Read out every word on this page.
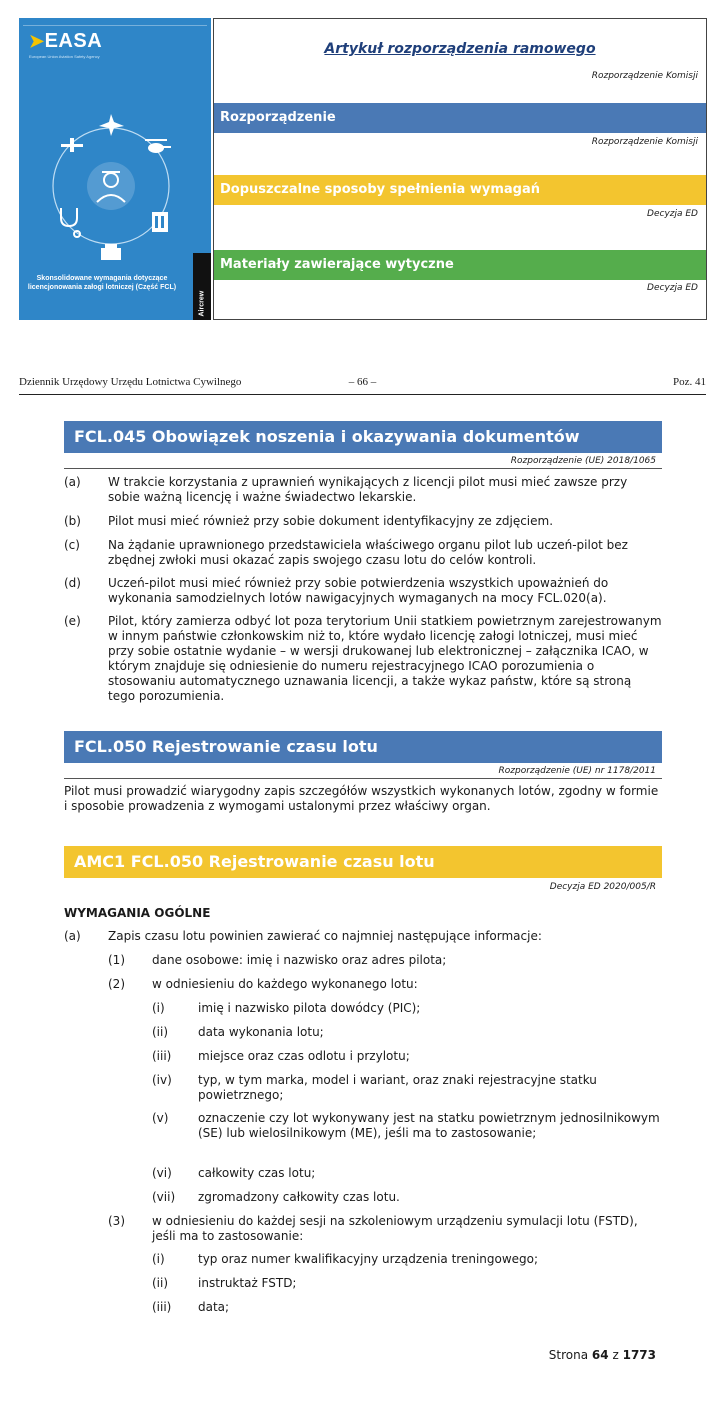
➤EASA
European Union Aviation Safety Agency
Skonsolidowane wymagania dotyczące licencjonowania załogi lotniczej (Część FCL)
Aircrew
Artykuł rozporządzenia ramowego
Rozporządzenie Komisji
Rozporządzenie
Rozporządzenie Komisji
Dopuszczalne sposoby spełnienia wymagań
Decyzja ED
Materiały zawierające wytyczne
Decyzja ED
Dziennik Urzędowy Urzędu Lotnictwa Cywilnego	– 66 –	Poz. 41
FCL.045 Obowiązek noszenia i okazywania dokumentów
Rozporządzenie (UE) 2018/1065
(a) W trakcie korzystania z uprawnień wynikających z licencji pilot musi mieć zawsze przy sobie ważną licencję i ważne świadectwo lekarskie.
(b) Pilot musi mieć również przy sobie dokument identyfikacyjny ze zdjęciem.
(c) Na żądanie uprawnionego przedstawiciela właściwego organu pilot lub uczeń-pilot bez zbędnej zwłoki musi okazać zapis swojego czasu lotu do celów kontroli.
(d) Uczeń-pilot musi mieć również przy sobie potwierdzenia wszystkich upoważnień do wykonania samodzielnych lotów nawigacyjnych wymaganych na mocy FCL.020(a).
(e) Pilot, który zamierza odbyć lot poza terytorium Unii statkiem powietrznym zarejestrowanym w innym państwie członkowskim niż to, które wydało licencję załogi lotniczej, musi mieć przy sobie ostatnie wydanie – w wersji drukowanej lub elektronicznej – załącznika ICAO, w którym znajduje się odniesienie do numeru rejestracyjnego ICAO porozumienia o stosowaniu automatycznego uznawania licencji, a także wykaz państw, które są stroną tego porozumienia.
FCL.050 Rejestrowanie czasu lotu
Rozporządzenie (UE) nr 1178/2011
Pilot musi prowadzić wiarygodny zapis szczegółów wszystkich wykonanych lotów, zgodny w formie i sposobie prowadzenia z wymogami ustalonymi przez właściwy organ.
AMC1 FCL.050 Rejestrowanie czasu lotu
Decyzja ED 2020/005/R
WYMAGANIA OGÓLNE
(a) Zapis czasu lotu powinien zawierać co najmniej następujące informacje:
(1) dane osobowe: imię i nazwisko oraz adres pilota;
(2) w odniesieniu do każdego wykonanego lotu:
(i)	imię i nazwisko pilota dowódcy (PIC);
(ii) data wykonania lotu;
(iii) miejsce oraz czas odlotu i przylotu;
(iv) typ, w tym marka, model i wariant, oraz znaki rejestracyjne statku powietrznego;
(v) oznaczenie czy lot wykonywany jest na statku powietrznym jednosilnikowym (SE) lub wielosilnikowym (ME), jeśli ma to zastosowanie;
(vi) całkowity czas lotu;
(vii) zgromadzony całkowity czas lotu.
(3) w odniesieniu do każdej sesji na szkoleniowym urządzeniu symulacji lotu (FSTD), jeśli ma to zastosowanie:
(i)	typ oraz numer kwalifikacyjny urządzenia treningowego;
(ii) instruktaż FSTD;
(iii) data;
Strona 64 z 1773
